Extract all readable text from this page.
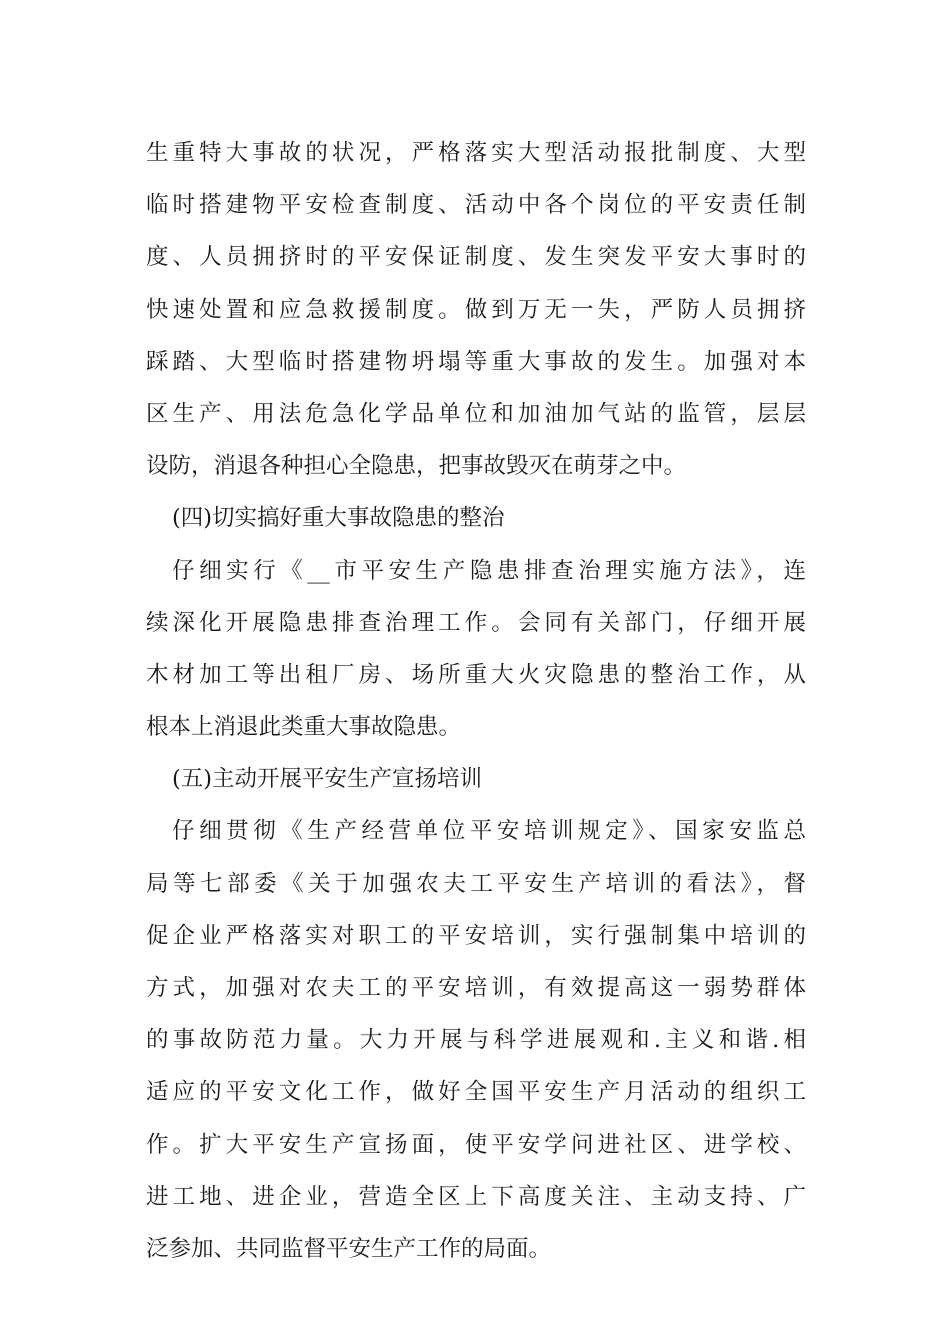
生重特大事故的状况，严格落实大型活动报批制度、大型
临时搭建物平安检查制度、活动中各个岗位的平安责任制
度、人员拥挤时的平安保证制度、发生突发平安大事时的
快速处置和应急救援制度。做到万无一失，严防人员拥挤
踩踏、大型临时搭建物坍塌等重大事故的发生。加强对本
区生产、用法危急化学品单位和加油加气站的监管，层层
设防，消退各种担心全隐患，把事故毁灭在萌芽之中。
(四)切实搞好重大事故隐患的整治
仔细实行《__市平安生产隐患排查治理实施方法》，连
续深化开展隐患排查治理工作。会同有关部门，仔细开展
木材加工等出租厂房、场所重大火灾隐患的整治工作，从
根本上消退此类重大事故隐患。
(五)主动开展平安生产宣扬培训
仔细贯彻《生产经营单位平安培训规定》、国家安监总
局等七部委《关于加强农夫工平安生产培训的看法》，督
促企业严格落实对职工的平安培训，实行强制集中培训的
方式，加强对农夫工的平安培训，有效提高这一弱势群体
的事故防范力量。大力开展与科学进展观和.主义和谐.相
适应的平安文化工作，做好全国平安生产月活动的组织工
作。扩大平安生产宣扬面，使平安学问进社区、进学校、
进工地、进企业，营造全区上下高度关注、主动支持、广
泛参加、共同监督平安生产工作的局面。
